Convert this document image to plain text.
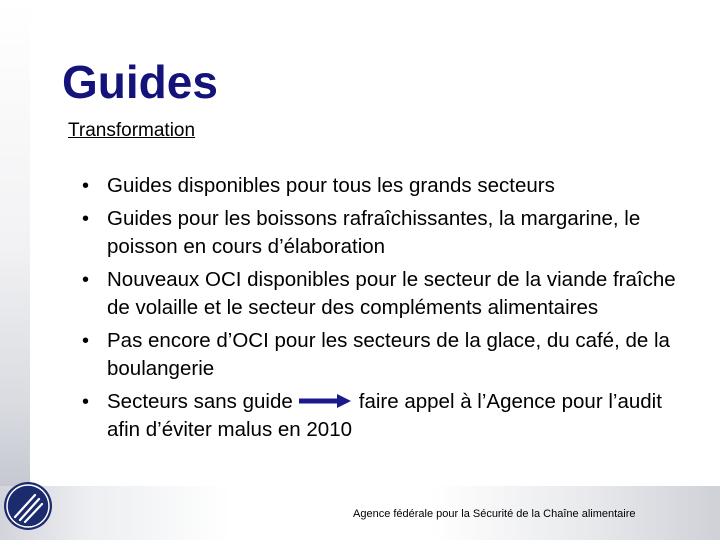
Guides
Transformation
• Guides disponibles pour tous les grands secteurs
• Guides pour les boissons rafraîchissantes, la margarine, le poisson en cours d’élaboration
• Nouveaux OCI disponibles pour le secteur de la viande fraîche de volaille et le secteur des compléments alimentaires
• Pas encore d’OCI pour les secteurs de la glace, du café, de la boulangerie
• Secteurs sans guide	faire appel à l’Agence pour l’audit afin d’éviter malus en 2010
Agence fédérale pour la Sécurité de la Chaîne alimentaire
